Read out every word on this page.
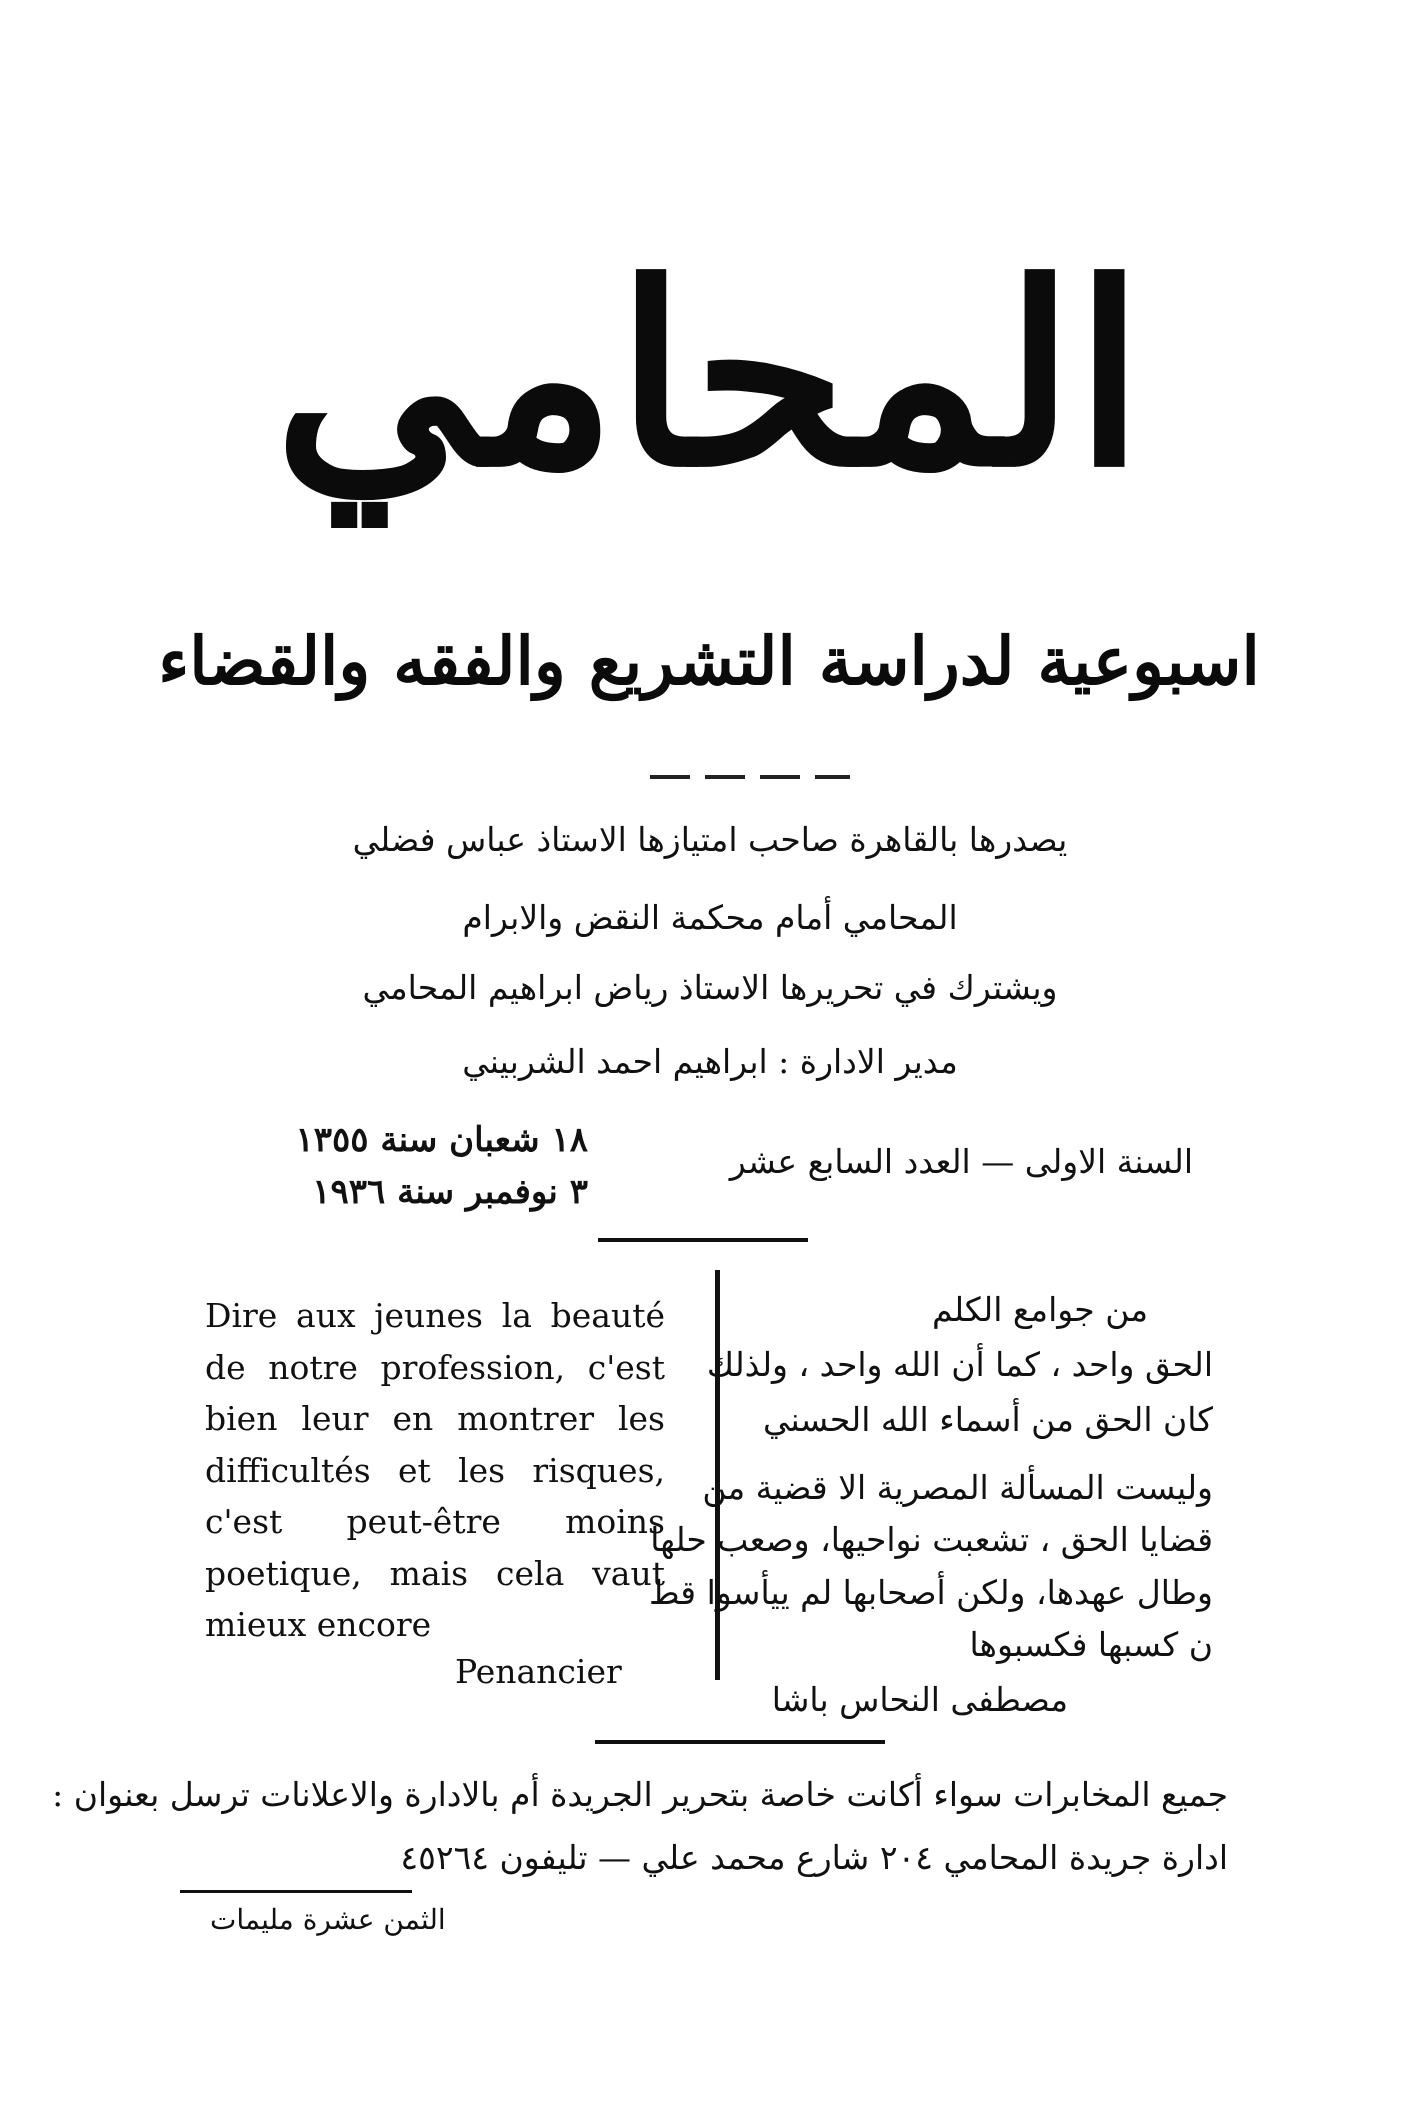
المحامي
اسبوعية لدراسة التشريع والفقه والقضاء
يصدرها بالقاهرة صاحب امتيازها الاستاذ عباس فضلي
المحامي أمام محكمة النقض والابرام
ويشترك في تحريرها الاستاذ رياض ابراهيم المحامي
مدير الادارة : ابراهيم احمد الشربيني
١٨ شعبان سنة ١٣٥٥
٣ نوفمبر سنة ١٩٣٦
السنة الاولى — العدد السابع عشر
Dire aux jeunes la beauté de notre profession, c'est bien leur en montrer les difficultés et les risques, c'est peut-être moins poetique, mais cela vaut mieux encore
Penancier
من جوامع الكلم
الحق واحد ، كما أن الله واحد ، ولذلك
كان الحق من أسماء الله الحسني
وليست المسألة المصرية الا قضية من
قضايا الحق ، تشعبت نواحيها، وصعب حلها
وطال عهدها، ولكن أصحابها لم ييأسوا قط
ن كسبها فكسبوها
مصطفى النحاس باشا
جميع المخابرات سواء أكانت خاصة بتحرير الجريدة أم بالادارة والاعلانات ترسل بعنوان :
ادارة جريدة المحامي ٢٠٤ شارع محمد علي — تليفون ٤٥٢٦٤
الثمن عشرة مليمات
